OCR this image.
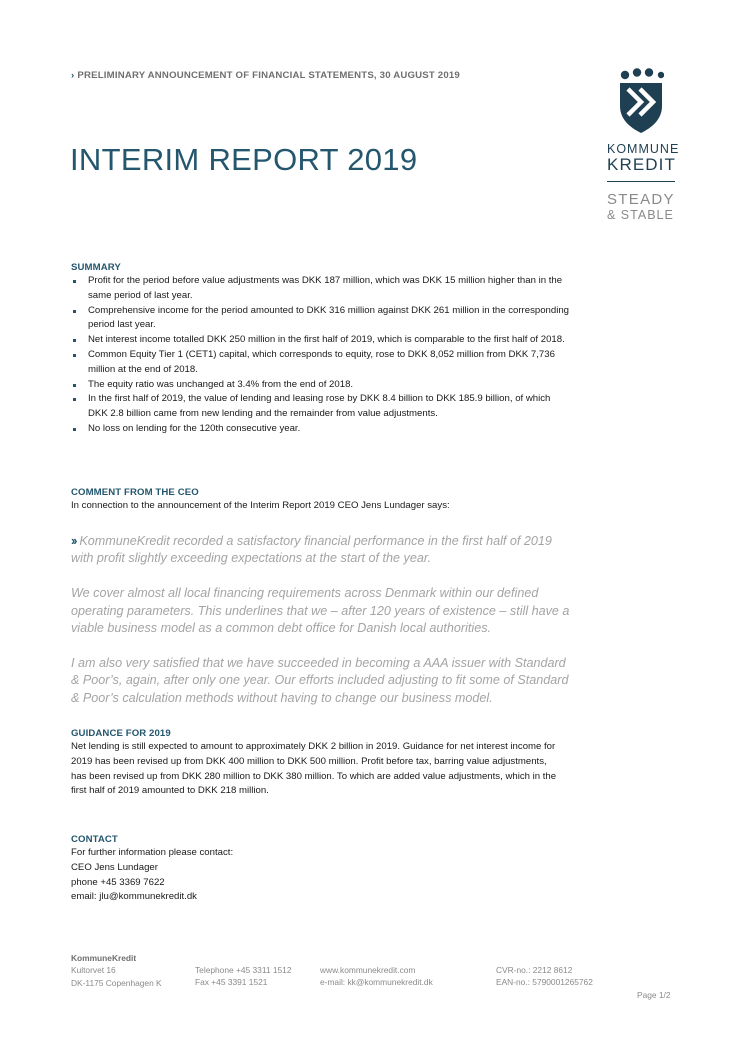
› PRELIMINARY ANNOUNCEMENT OF FINANCIAL STATEMENTS, 30 AUGUST 2019
INTERIM REPORT 2019	KOMMUNE
KREDIT
STEADY
& STABLE
SUMMARY
Profit for the period before value adjustments was DKK 187 million, which was DKK 15 million higher than in the same period of last year.
Comprehensive income for the period amounted to DKK 316 million against DKK 261 million in the corresponding period last year.
Net interest income totalled DKK 250 million in the first half of 2019, which is comparable to the first half of 2018.
Common Equity Tier 1 (CET1) capital, which corresponds to equity, rose to DKK 8,052 million from DKK 7,736 million at the end of 2018.
The equity ratio was unchanged at 3.4% from the end of 2018.
In the first half of 2019, the value of lending and leasing rose by DKK 8.4 billion to DKK 185.9 billion, of which DKK 2.8 billion came from new lending and the remainder from value adjustments.
No loss on lending for the 120th consecutive year.
COMMENT FROM THE CEO
In connection to the announcement of the Interim Report 2019 CEO Jens Lundager says:
›› KommuneKredit recorded a satisfactory financial performance in the first half of 2019 with profit slightly exceeding expectations at the start of the year.
We cover almost all local financing requirements across Denmark within our defined operating parameters. This underlines that we – after 120 years of existence – still have a viable business model as a common debt office for Danish local authorities.
I am also very satisfied that we have succeeded in becoming a AAA issuer with Standard & Poor’s, again, after only one year. Our efforts included adjusting to fit some of Standard & Poor’s calculation methods without having to change our business model.
GUIDANCE FOR 2019
Net lending is still expected to amount to approximately DKK 2 billion in 2019. Guidance for net interest income for 2019 has been revised up from DKK 400 million to DKK 500 million. Profit before tax, barring value adjustments, has been revised up from DKK 280 million to DKK 380 million. To which are added value adjustments, which in the first half of 2019 amounted to DKK 218 million.
CONTACT
For further information please contact:
CEO Jens Lundager
phone +45 3369 7622
email: jlu@kommunekredit.dk
KommuneKredit
Kultorvet 16
DK-1175 Copenhagen K
Telephone +45 3311 1512
Fax +45 3391 1521
www.kommunekredit.com
e-mail: kk@kommunekredit.dk
CVR-no.: 2212 8612
EAN-no.: 5790001265762
Page 1/2
